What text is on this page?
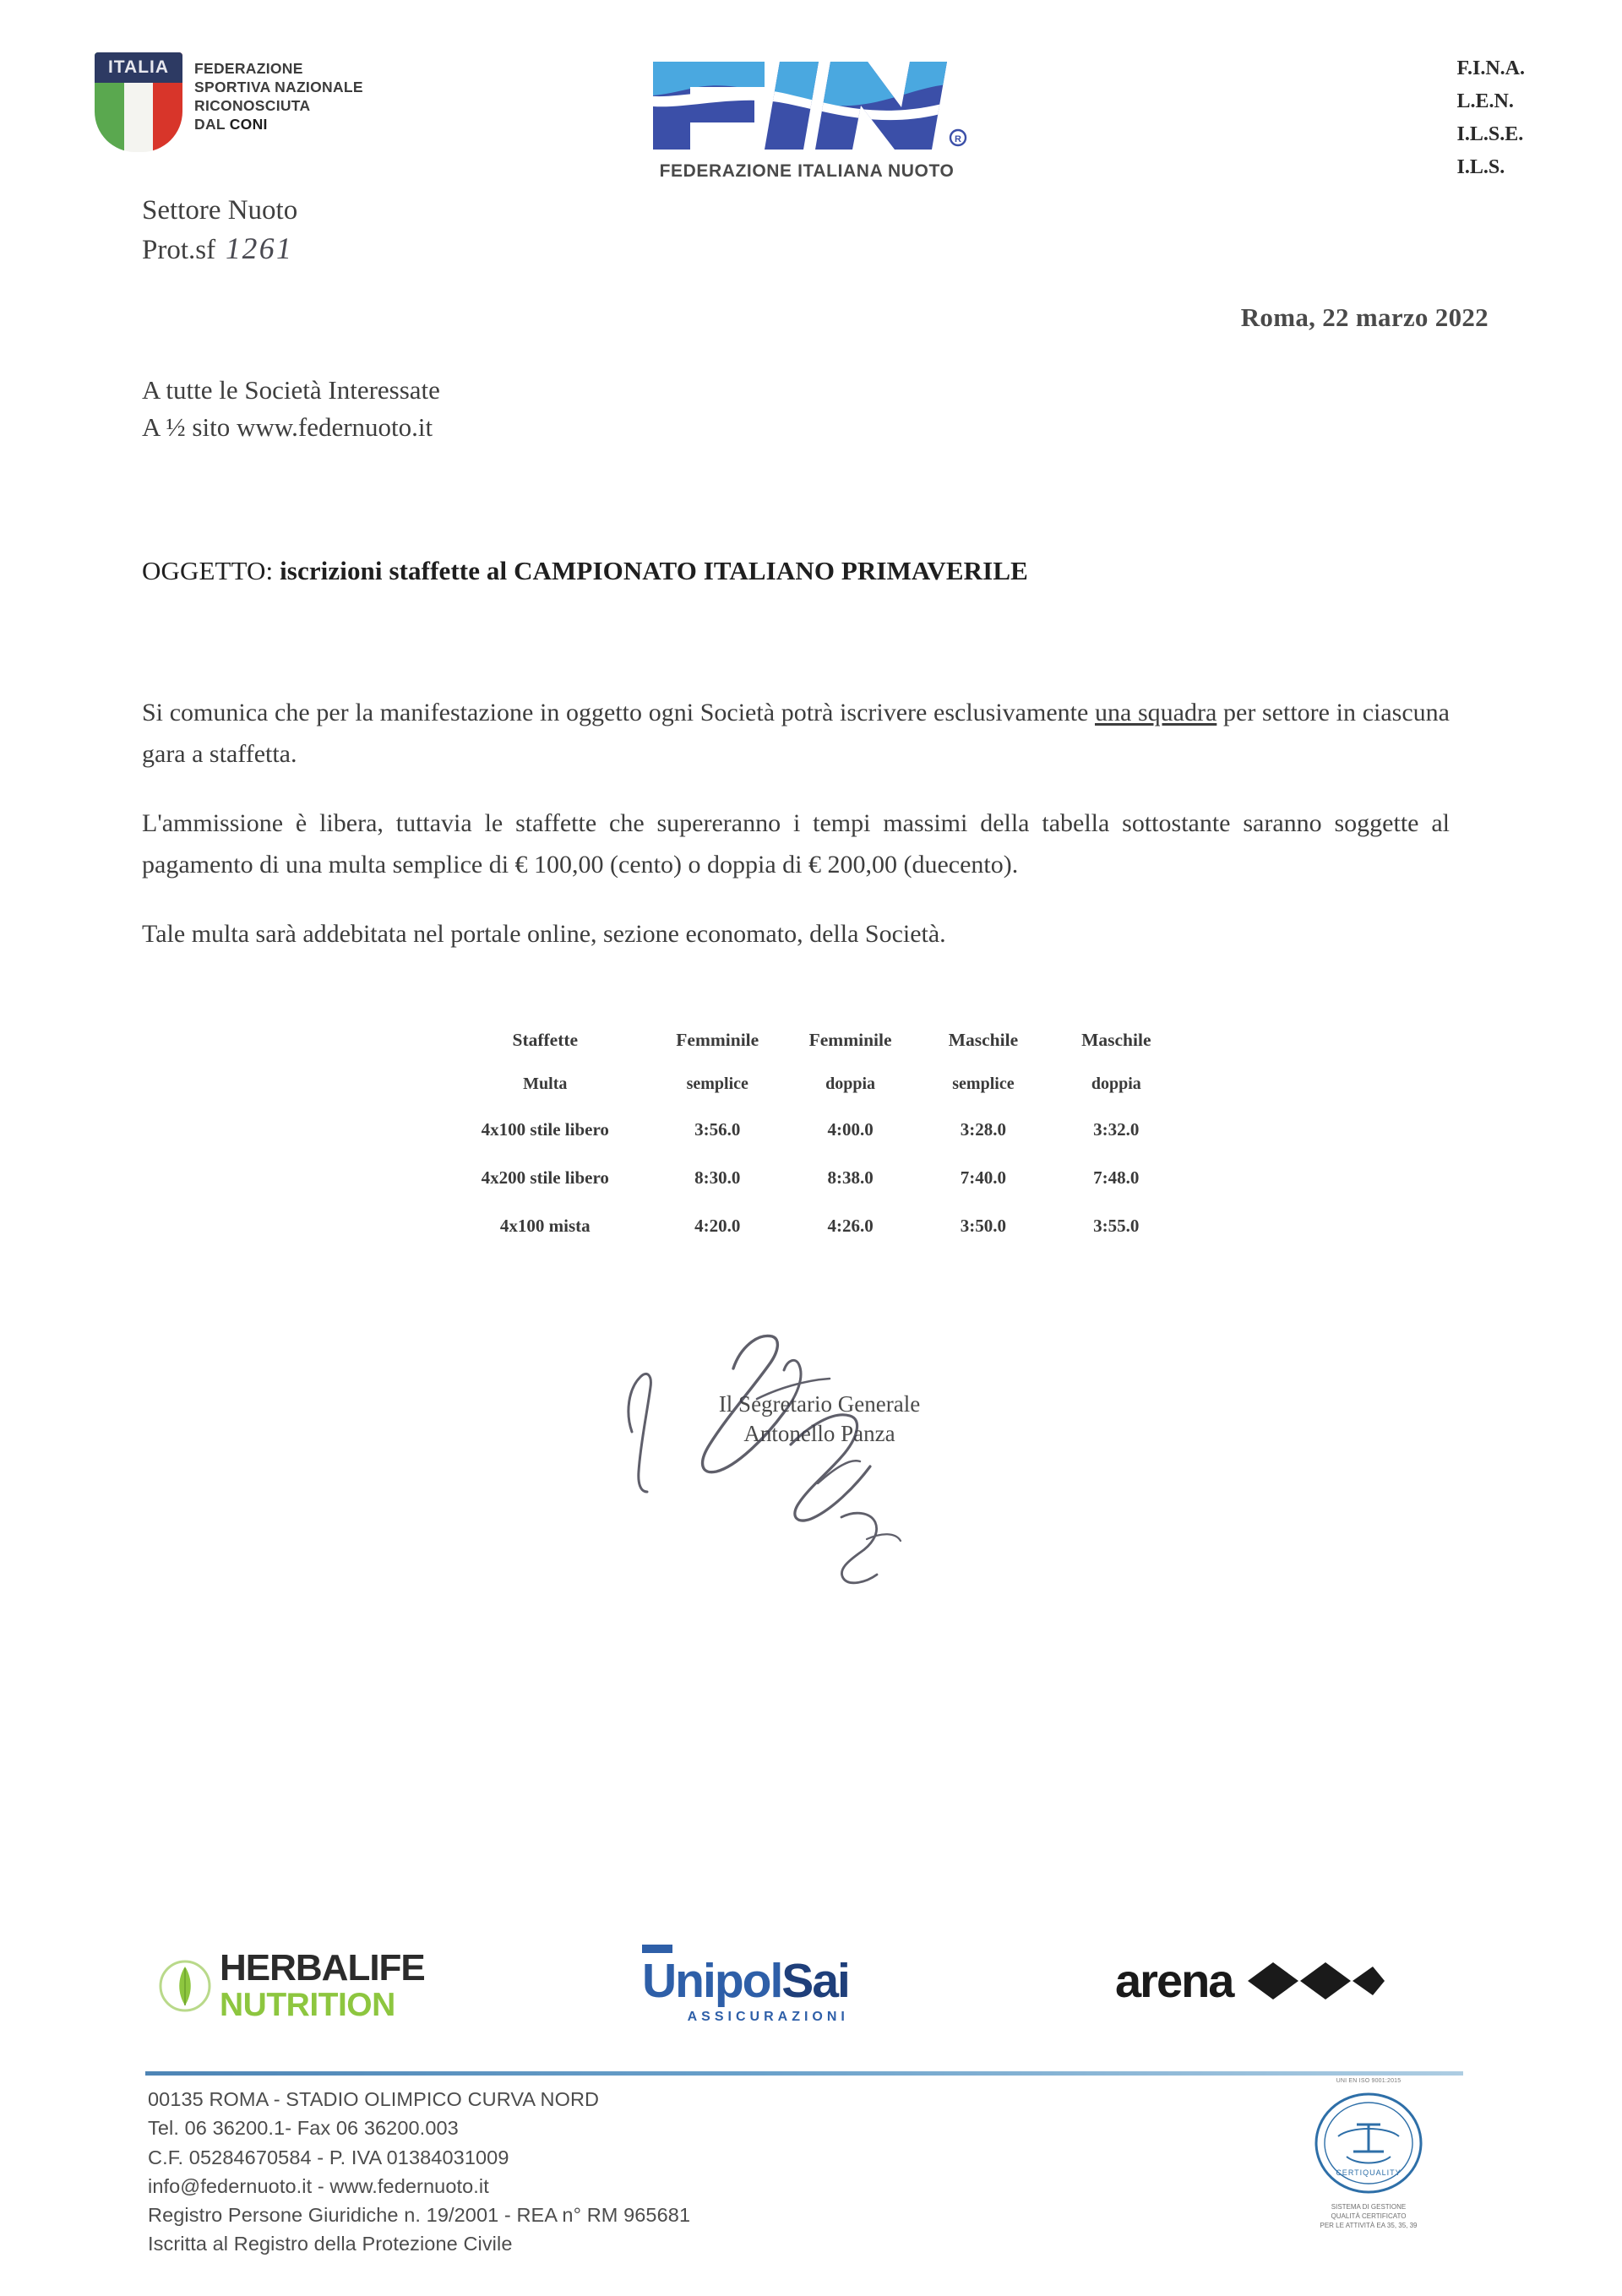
ITALIA	FEDERAZIONE
SPORTIVA NAZIONALE
RICONOSCIUTA
DAL CONI
R
FEDERAZIONE ITALIANA NUOTO
F.I.N.A.
L.E.N.
I.L.S.E.
I.L.S.
Settore Nuoto
Prot.sf 1261
Roma, 22 marzo 2022
A tutte le Società Interessate
A ½ sito www.federnuoto.it
OGGETTO: iscrizioni staffette al CAMPIONATO ITALIANO PRIMAVERILE

Si comunica che per la manifestazione in oggetto ogni Società potrà iscrivere esclusivamente una squadra per settore in ciascuna gara a staffetta.

L'ammissione è libera, tuttavia le staffette che supereranno i tempi massimi della tabella sottostante saranno soggette al pagamento di una multa semplice di € 100,00 (cento) o doppia di € 200,00 (duecento).

Tale multa sarà addebitata nel portale online, sezione economato, della Società.

Staffette	Femminile	Femminile	Maschile	Maschile
Multa	semplice	doppia	semplice	doppia
4x100 stile libero	3:56.0	4:00.0	3:28.0	3:32.0
4x200 stile libero	8:30.0	8:38.0	7:40.0	7:48.0
4x100 mista	4:20.0	4:26.0	3:50.0	3:55.0
Il Segretario Generale
Antonello Panza
HERBALIFE
NUTRITION	UnipolSai
ASSICURAZIONI
arena
00135 ROMA - STADIO OLIMPICO CURVA NORD
Tel. 06 36200.1- Fax 06 36200.003
C.F. 05284670584 - P. IVA 01384031009
info@federnuoto.it - www.federnuoto.it
Registro Persone Giuridiche n. 19/2001 - REA n° RM 965681
Iscritta al Registro della Protezione Civile
UNI EN ISO 9001:2015
CERTIQUALITY
SISTEMA DI GESTIONE
QUALITÀ CERTIFICATO
PER LE ATTIVITÀ EA 35, 35, 39
